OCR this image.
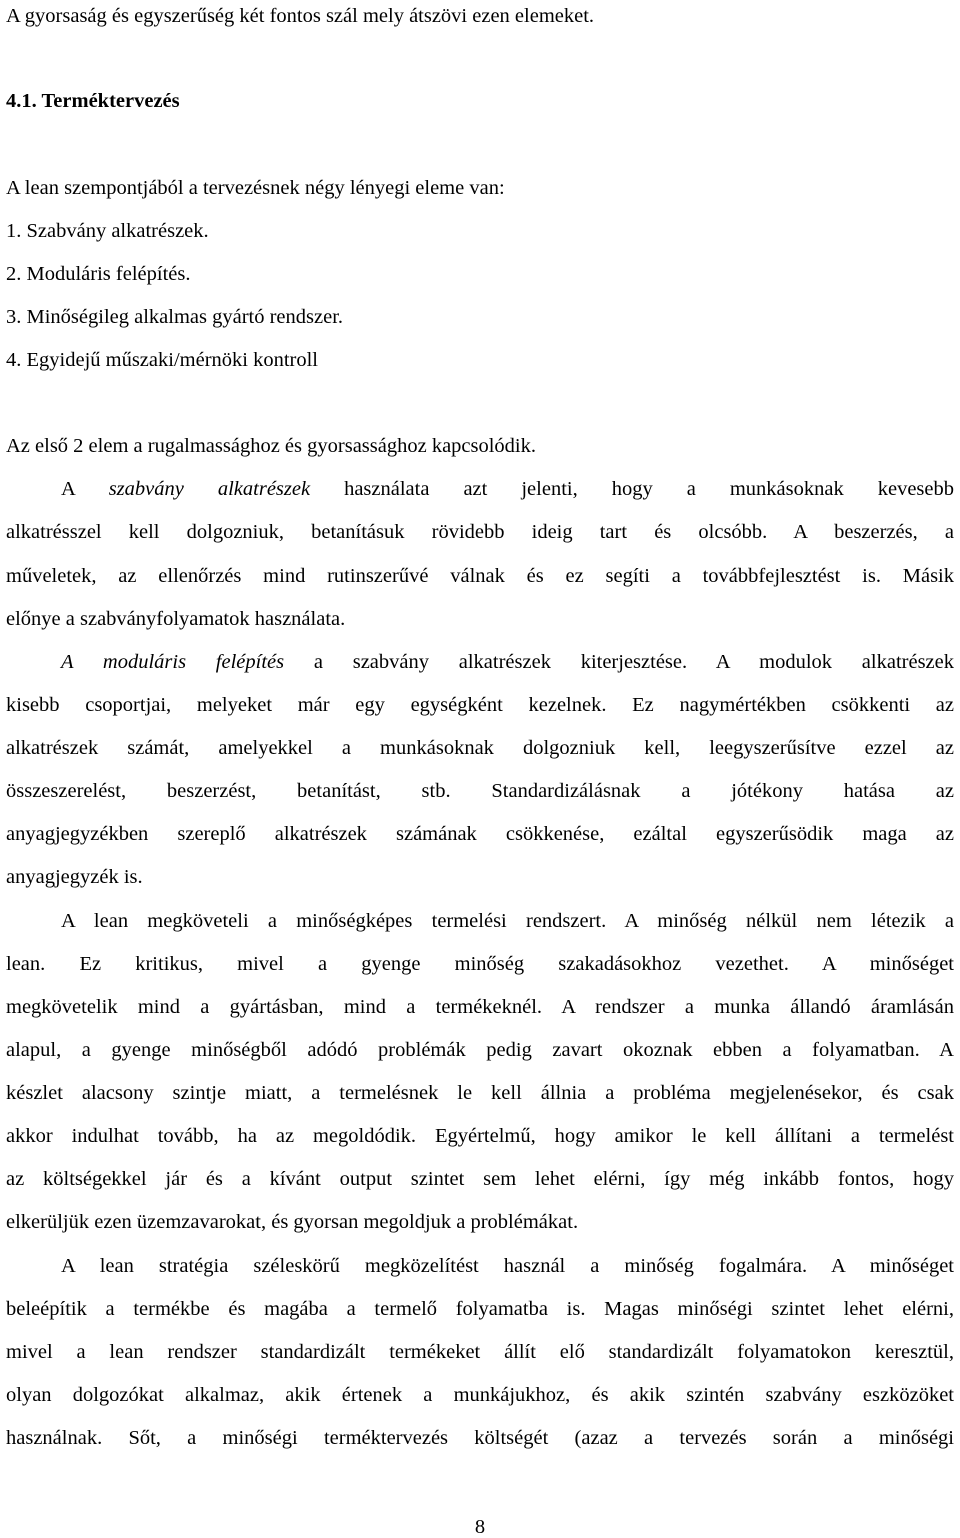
A gyorsaság és egyszerűség két fontos szál mely átszövi ezen elemeket.
4.1. Terméktervezés
A lean szempontjából a tervezésnek négy lényegi eleme van:
1. Szabvány alkatrészek.
2. Moduláris felépítés.
3. Minőségileg alkalmas gyártó rendszer.
4. Egyidejű műszaki/mérnöki kontroll
Az első 2 elem a rugalmassághoz és gyorsassághoz kapcsolódik.
A szabvány alkatrészek használata azt jelenti, hogy a munkásoknak kevesebb
alkatrésszel kell dolgozniuk, betanításuk rövidebb ideig tart és olcsóbb. A beszerzés, a
műveletek, az ellenőrzés mind rutinszerűvé válnak és ez segíti a továbbfejlesztést is. Másik
előnye a szabványfolyamatok használata.
A moduláris felépítés a szabvány alkatrészek kiterjesztése. A modulok alkatrészek
kisebb csoportjai, melyeket már egy egységként kezelnek. Ez nagymértékben csökkenti az
alkatrészek számát, amelyekkel a munkásoknak dolgozniuk kell, leegyszerűsítve ezzel az
összeszerelést, beszerzést, betanítást, stb. Standardizálásnak a jótékony hatása az
anyagjegyzékben szereplő alkatrészek számának csökkenése, ezáltal egyszerűsödik maga az
anyagjegyzék is.
A lean megköveteli a minőségképes termelési rendszert. A minőség nélkül nem létezik a
lean. Ez kritikus, mivel a gyenge minőség szakadásokhoz vezethet. A minőséget
megkövetelik mind a gyártásban, mind a termékeknél. A rendszer a munka állandó áramlásán
alapul, a gyenge minőségből adódó problémák pedig zavart okoznak ebben a folyamatban. A
készlet alacsony szintje miatt, a termelésnek le kell állnia a probléma megjelenésekor, és csak
akkor indulhat tovább, ha az megoldódik. Egyértelmű, hogy amikor le kell állítani a termelést
az költségekkel jár és a kívánt output szintet sem lehet elérni, így még inkább fontos, hogy
elkerüljük ezen üzemzavarokat, és gyorsan megoldjuk a problémákat.
A lean stratégia széleskörű megközelítést használ a minőség fogalmára. A minőséget
beleépítik a termékbe és magába a termelő folyamatba is. Magas minőségi szintet lehet elérni,
mivel a lean rendszer standardizált termékeket állít elő standardizált folyamatokon keresztül,
olyan dolgozókat alkalmaz, akik értenek a munkájukhoz, és akik szintén szabvány eszközöket
használnak. Sőt, a minőségi terméktervezés költségét (azaz a tervezés során a minőségi
8
